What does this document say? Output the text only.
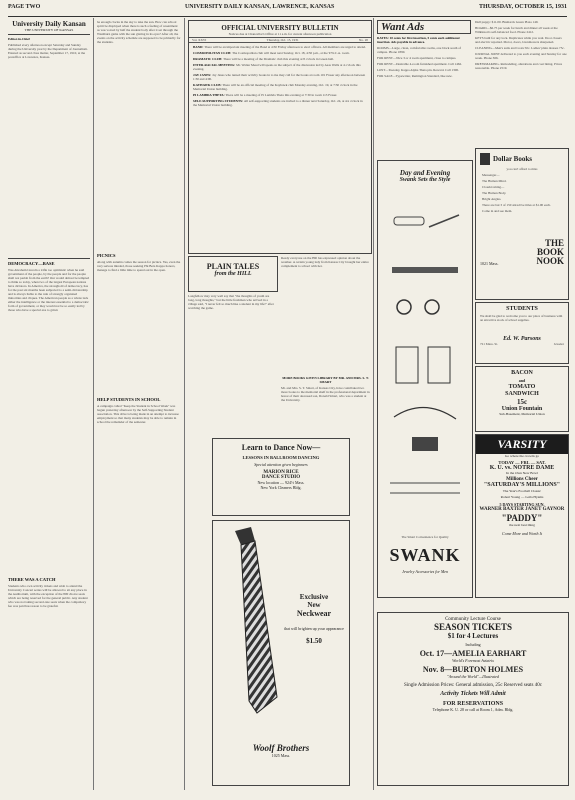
PAGE TWO	UNIVERSITY DAILY KANSAN, LAWRENCE, KANSAS	THURSDAY, OCTOBER 15, 1931
University Daily Kansan
THE UNIVERSITY OF KANSAS

Editor-in-Chief

Published every afternoon except Saturday and Sunday during the University year by the Department of Journalism. Entered as second class matter, September 17, 1910, at the postoffice at Lawrence, Kansas.

DEMOCRACY—BASE

Was Abraham Lincoln a trifle too optimistic when he said government of the people, by the people and for the people shall not perish from the earth? Our would almost be tempted to think so today, when two of the largest European nations have dictators. In America, the stronghold of democracy, has for the past six months been subjected to a semi-dictatorship and is always liable to the rule of strongly organized minorities and cliques. The American people as a whole lack either the intelligence or the interest essential to a democratic form of government, or they would not be so easily led by those who have a special axe to grind.

THERE WAS A CATCH

Students who own activity tickets and wish to attend the University Concert series will be allowed to sit any place in the Auditorium, with the exception of the 800 choice seats which are being reserved for the general public. Any student who was not taking second-rate seats when the compulsory fee was paid has reason to be grateful.

be enough clocks in the sky to take the sun. How can school spirit be displayed when there is such a feeling of resentment as was voiced by half the student body after it sat through the Washburn game with the sun glaring in its eyes? After all, the events on the activity schedule are supposed to be primarily for the students.

PICNICS

Along with autumn comes the season for picnics. Yes, even the very serious minded, those seeking Phi Beta Kappa honors, manage to find a little time to spend out in the open.

HELP STUDENTS IN SCHOOL

A campaign called "Keep the Student in School Week" was begun yesterday afternoon by the Self-Supporting Student association. This drive is being made in an attempt to increase employment so that many students may be able to remain in school the remainder of the semester.

OFFICIAL UNIVERSITY BULLETIN
Notices due at Chancellor's Office at 11 a.m. for current afternoon publication
Vol. XXVI	Thursday, Oct. 15, 1931	No. 20

BAND: There will be an important meeting of the Band at 4:30 Friday afternoon to elect officers. All members are urged to attend.

COSMOPOLITAN CLUB: The Cosmopolitan club will meet next Sunday, Oct. 18, 4:30 p.m., at the Y.W.C.A. room.

DRAMATIC CLUB: There will be a meeting of the Dramatic club this evening at 8 o'clock in Green hall.

INTER-RACIAL MEETING: Mr. Walter Mead will speak on the subject of the discussion led by Asas Walls at 4 o'clock this evening.

JAY JANES: Jay Janes who turned their activity books in to me may call for the books at room 101 Fraser any afternoon between 1:30 and 4:00.

KAYHAWK CLUB: There will be an official meeting of the Kayhawk club Monday evening, Oct. 19, at 7:30 o'clock in the Memorial Union building.

PI LAMBDA THETA: There will be a meeting of Pi Lambda Theta this evening at 7:30 in room 113 Fraser.

SELF-SUPPORTING STUDENTS: All self-supporting students are invited to a dinner next Saturday, Oct. 24, at six o'clock in the Memorial Union building.

PLAIN TALES
from the HILL

Longfellow may very well say that "the thoughts of youth are long, long thoughts," but the little freshman who arrived in a village said, "I never felt so much like a student in my life!" after watching the game.

Ready everyone on the Hill has expressed opinion about the weather. A certain young lady from Kansas City brought her entire complement to school with her.

MORE BOOKS GIVEN LIBRARY BY MR. AND MRS. S. T. SMART

Mr. and Mrs. S. T. Smart, of Kansas City, have contributed two more books to the memorial shelf in the professional department in honor of their deceased son, Donald Smart, who was a student at the University.

Learn to Dance Now—
LESSONS IN BALLROOM DANCING
Special attention given beginners
MARION RICE
DANCE STUDIO
New location — 924½ Mass.
New York Cleaners Bldg.
Exclusive
New
Neckwear
that will brighten up your appearance
$1.50
Woolf Brothers
1025 Mass.
Want Ads

RATES: 10 cents for first insertion, 5 cents each additional insertion. Ads payable in advance.

ROOMS—Large, clean, comfortable rooms, one block south of campus. Phone 1890.

FOR RENT—Nice 3 or 4 room apartment, close to campus.

FOR RENT—Desirable 4-room furnished apartment. Call 1462.

LOST—Tuesday, Kappa Alpha Theta pin. Reward. Call 1300.

FOR SALE—Typewriter, Remington Standard, like new.

Dull puppy: $11.00. Bismarck Green Plaza 149.

BOARD—$6.75 per week for lunch and dinner all week at the Wilkinson's self-balanced food. Phone 2412.

KEYS built for any lock. Duplicates while you wait. Door closers and electric repaired. Motor, doors, lawnmowers sharpened.

CLEANING—Men's suits and Coats 50c. Ladies' plain dresses 75c.

JOURNAL JOINT delivered to you each evening and Sunday for one week. Phone 366.

DRESSMAKING. Remodeling, alterations and coat lining. Prices reasonable. Phone 2519.

Day and Evening
Swank Sets the Style
The Smart Convenience for Quality
SWANK
Jewelry Accessories for Men
Dollar Books
you can't afford to miss

Messenger—

The Human Mind.

Cloudcroming—

The Human Body.

Bright Angles.

There are but 3 of 150 attractive titles at $1.00 each.

Come in and see them.

1021 Mass.
THE BOOK NOOK
STUDENTS
We shall be glad to welcome you to our place of business with an attractive stock of school supplies.
Ed. W. Parsons
721 Mass. St.	Jeweler
BACON
and
TOMATO
SANDWICH
15c
Union Fountain
Sub-Basement, Memorial Union
VARSITY
Go where the crowds go
TODAY — FRI. — SAT.
K. U. vs. NOTRE DAME
In the Own New Bowl
Millions Cheer
"SATURDAY'S MILLIONS"
The Year's Football Classic
Robert Young — Leila Hyams
5 DAYS STARTING SUN.
WARNER BAXTER JANET GAYNOR
"PADDY"
the next best thing
Come More and Worth It
Community Lecture Course
SEASON TICKETS
$1 for 4 Lectures
Including
Oct. 17—AMELIA EARHART
World's Foremost Aviatrix
Nov. 8—BURTON HOLMES
"Around the World"—Illustrated
Single Admission Prices: General admission, 25c Reserved seats 40c
Activity Tickets Will Admit
FOR RESERVATIONS
Telephone K. U. 28 or call at Room 1, Adm. Bldg.
